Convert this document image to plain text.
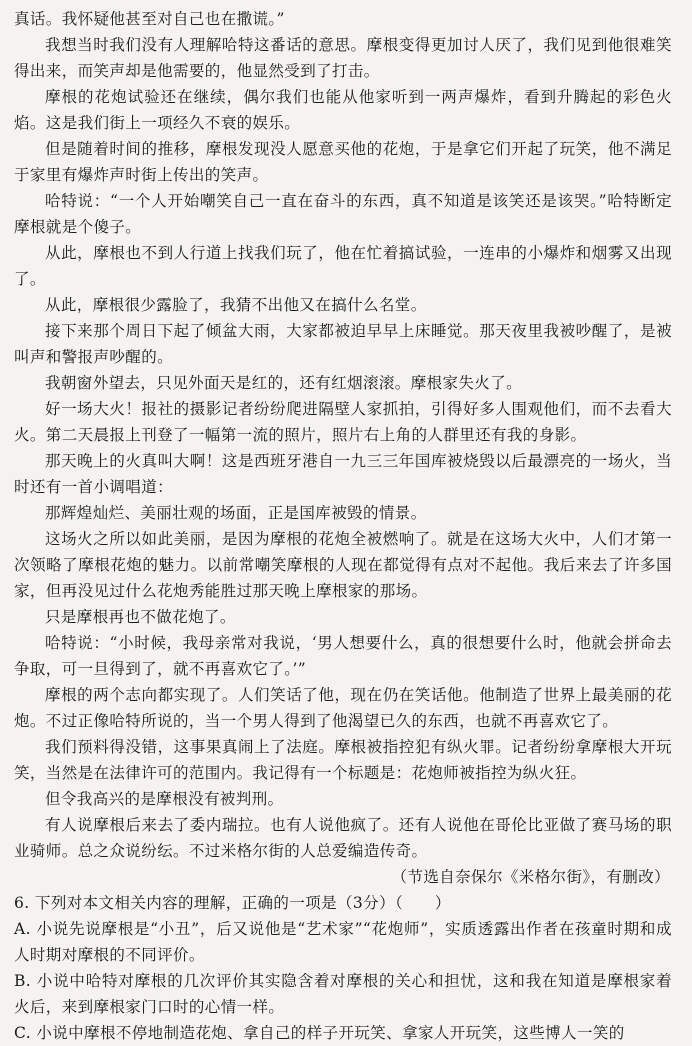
真话。我怀疑他甚至对自己也在撒谎。”

我想当时我们没有人理解哈特这番话的意思。摩根变得更加讨人厌了，我们见到他很难笑得出来，而笑声却是他需要的，他显然受到了打击。

摩根的花炮试验还在继续，偶尔我们也能从他家听到一两声爆炸，看到升腾起的彩色火焰。这是我们街上一项经久不衰的娱乐。

但是随着时间的推移，摩根发现没人愿意买他的花炮，于是拿它们开起了玩笑，他不满足于家里有爆炸声时街上传出的笑声。

哈特说：“一个人开始嘲笑自己一直在奋斗的东西，真不知道是该笑还是该哭。”哈特断定摩根就是个傻子。

从此，摩根也不到人行道上找我们玩了，他在忙着搞试验，一连串的小爆炸和烟雾又出现了。

从此，摩根很少露脸了，我猜不出他又在搞什么名堂。

接下来那个周日下起了倾盆大雨，大家都被迫早早上床睡觉。那天夜里我被吵醒了，是被叫声和警报声吵醒的。

我朝窗外望去，只见外面天是红的，还有红烟滚滚。摩根家失火了。

好一场大火！报社的摄影记者纷纷爬进隔壁人家抓拍，引得好多人围观他们，而不去看大火。第二天晨报上刊登了一幅第一流的照片，照片右上角的人群里还有我的身影。

那天晚上的火真叫大啊！这是西班牙港自一九三三年国库被烧毁以后最漂亮的一场火，当时还有一首小调唱道：

那辉煌灿烂、美丽壮观的场面，正是国库被毁的情景。

这场火之所以如此美丽，是因为摩根的花炮全被燃响了。就是在这场大火中，人们才第一次领略了摩根花炮的魅力。以前常嘲笑摩根的人现在都觉得有点对不起他。我后来去了许多国家，但再没见过什么花炮秀能胜过那天晚上摩根家的那场。

只是摩根再也不做花炮了。

哈特说：“小时候，我母亲常对我说，‘男人想要什么，真的很想要什么时，他就会拼命去争取，可一旦得到了，就不再喜欢它了。’”

摩根的两个志向都实现了。人们笑话了他，现在仍在笑话他。他制造了世界上最美丽的花炮。不过正像哈特所说的，当一个男人得到了他渴望已久的东西，也就不再喜欢它了。

我们预料得没错，这事果真闹上了法庭。摩根被指控犯有纵火罪。记者纷纷拿摩根大开玩笑，当然是在法律许可的范围内。我记得有一个标题是：花炮师被指控为纵火狂。

但令我高兴的是摩根没有被判刑。

有人说摩根后来去了委内瑞拉。也有人说他疯了。还有人说他在哥伦比亚做了赛马场的职业骑师。总之众说纷纭。不过米格尔街的人总爱编造传奇。

（节选自奈保尔《米格尔街》，有删改）

6. 下列对本文相关内容的理解，正确的一项是（3分）（　　）

A. 小说先说摩根是“小丑”，后又说他是“艺术家”“花炮师”，实质透露出作者在孩童时期和成人时期对摩根的不同评价。

B. 小说中哈特对摩根的几次评价其实隐含着对摩根的关心和担忧，这和我在知道是摩根家着火后，来到摩根家门口时的心情一样。

C. 小说中摩根不停地制造花炮、拿自己的样子开玩笑、拿家人开玩笑，这些博人一笑的
